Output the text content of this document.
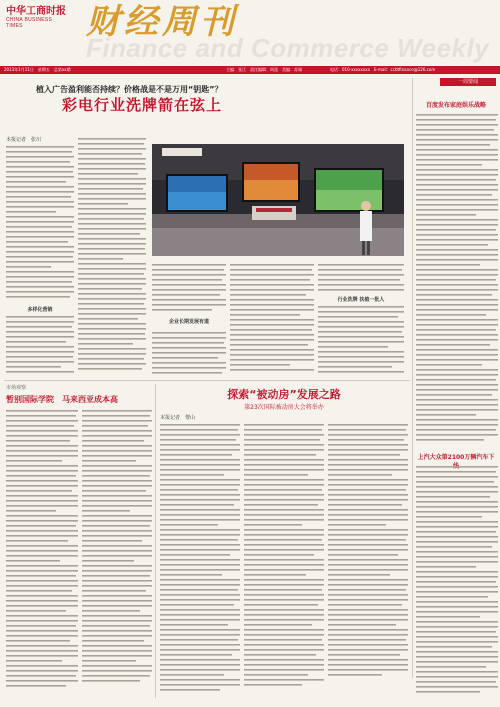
中华工商时报
CHINA BUSINESS TIMES
Finance and Commerce Weekly
财经周刊
2013年1月11日　星期五　总第xx期	主编：张江　责任编辑：周泓　美编：苏瑞	电话：010-xxxxxxxx　E-mail：ccbtfinance@126.com
植入广告盈利能否持续？价格战是不是万用“钥匙”？
彩电行业洗牌箭在弦上
本报记者　张川
多样化营销
企业长期发展有道
行业洗牌 扶植一批人
一周要闻
百度发布家庭娱乐战略
上汽大众第2100万辆汽车下
市场观察
暂别国际学院　马来西亚成本高	探索“被动房”发展之路
第23次国际被动房大会将举办
本报记者　黎山
